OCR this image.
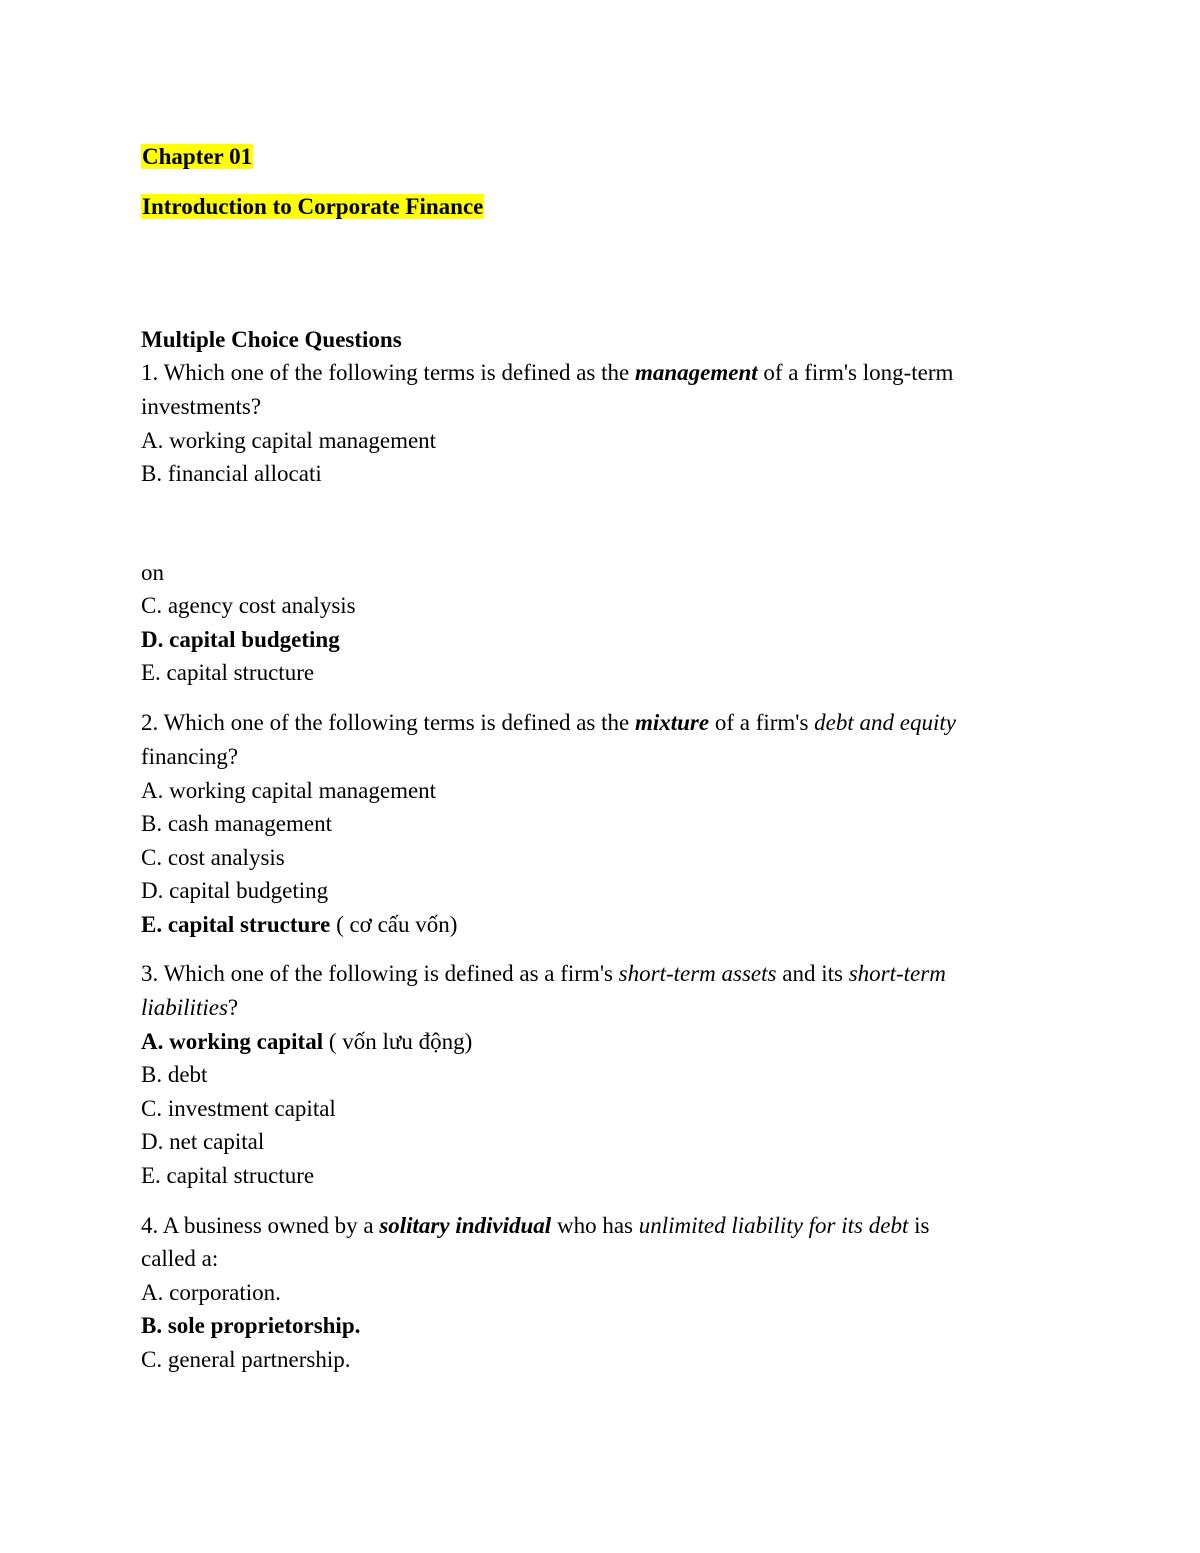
Chapter 01
Introduction to Corporate Finance
Multiple Choice Questions
1. Which one of the following terms is defined as the management of a firm's long-term
investments?
A. working capital management
B. financial allocati
on
C. agency cost analysis
D. capital budgeting
E. capital structure
2. Which one of the following terms is defined as the mixture of a firm's debt and equity
financing?
A. working capital management
B. cash management
C. cost analysis
D. capital budgeting
E. capital structure ( cơ cấu vốn)
3. Which one of the following is defined as a firm's short-term assets and its short-term
liabilities?
A. working capital ( vốn lưu động)
B. debt
C. investment capital
D. net capital
E. capital structure
4. A business owned by a solitary individual who has unlimited liability for its debt is
called a:
A. corporation.
B. sole proprietorship.
C. general partnership.
